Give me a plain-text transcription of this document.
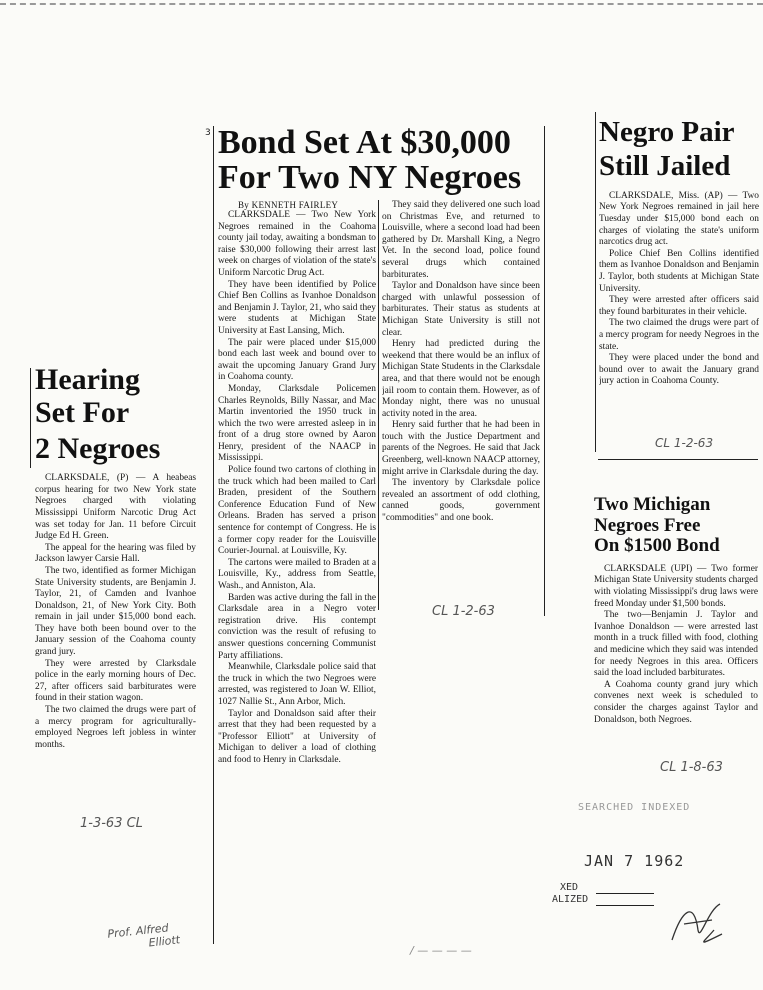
Hearing
Set For
2 Negroes

CLARKSDALE, (P) — A heabeas corpus hearing for two New York state Negroes charged with violating Mississippi Uniform Narcotic Drug Act was set today for Jan. 11 before Circuit Judge Ed H. Green.

The appeal for the hearing was filed by Jackson lawyer Carsie Hall.

The two, identified as former Michigan State University students, are Benjamin J. Taylor, 21, of Camden and Ivanhoe Donaldson, 21, of New York City. Both remain in jail under $15,000 bond each. They have both been bound over to the January session of the Coahoma county grand jury.

They were arrested by Clarksdale police in the early morning hours of Dec. 27, after officers said barbiturates were found in their station wagon.

The two claimed the drugs were part of a mercy program for agriculturally-employed Negroes left jobless in winter months.

1-3-63 CL
3 Bond Set At $30,000
For Two NY Negroes
By KENNETH FAIRLEY

CLARKSDALE — Two New York Negroes remained in the Coahoma county jail today, awaiting a bondsman to raise $30,000 following their arrest last week on charges of violation of the state's Uniform Narcotic Drug Act.

They have been identified by Police Chief Ben Collins as Ivanhoe Donaldson and Benjamin J. Taylor, 21, who said they were students at Michigan State University at East Lansing, Mich.

The pair were placed under $15,000 bond each last week and bound over to await the upcoming January Grand Jury in Coahoma county.

Monday, Clarksdale Policemen Charles Reynolds, Billy Nassar, and Mac Martin inventoried the 1950 truck in which the two were arrested asleep in in front of a drug store owned by Aaron Henry, president of the NAACP in Mississippi.

Police found two cartons of clothing in the truck which had been mailed to Carl Braden, president of the Southern Conference Education Fund of New Orleans. Braden has served a prison sentence for contempt of Congress. He is a former copy reader for the Louisville Courier-Journal. at Louisville, Ky.

The cartons were mailed to Braden at a Louisville, Ky., address from Seattle, Wash., and Anniston, Ala.

Barden was active during the fall in the Clarksdale area in a Negro voter registration drive. His contempt conviction was the result of refusing to answer questions concerning Communist Party affiliations.

Meanwhile, Clarksdale police said that the truck in which the two Negroes were arrested, was registered to Joan W. Elliot, 1027 Nallie St., Ann Arbor, Mich.

Taylor and Donaldson said after their arrest that they had been requested by a "Professor Elliott" at University of Michigan to deliver a load of clothing and food to Henry in Clarksdale.

They said they delivered one such load on Christmas Eve, and returned to Louisville, where a second load had been gathered by Dr. Marshall King, a Negro Vet. In the second load, police found several drugs which contained barbiturates.

Taylor and Donaldson have since been charged with unlawful possession of barbiturates. Their status as students at Michigan State University is still not clear.

Henry had predicted during the weekend that there would be an influx of Michigan State Students in the Clarksdale area, and that there would not be enough jail room to contain them. However, as of Monday night, there was no unusual activity noted in the area.

Henry said further that he had been in touch with the Justice Department and parents of the Negroes. He said that Jack Greenberg, well-known NAACP attorney, might arrive in Clarksdale during the day.

The inventory by Clarksdale police revealed an assortment of odd clothing, canned goods, government "commodities" and one book.

CL 1-2-63
Negro Pair
Still Jailed

CLARKSDALE, Miss. (AP) — Two New York Negroes remained in jail here Tuesday under $15,000 bond each on charges of violating the state's uniform narcotics drug act.

Police Chief Ben Collins identified them as Ivanhoe Donaldson and Benjamin J. Taylor, both students at Michigan State University.

They were arrested after officers said they found barbiturates in their vehicle.

The two claimed the drugs were part of a mercy program for needy Negroes in the state.

They were placed under the bond and bound over to await the January grand jury action in Coahoma County.

CL 1-2-63
Two Michigan
Negroes Free
On $1500 Bond

CLARKSDALE (UPI) — Two former Michigan State University students charged with violating Mississippi's drug laws were freed Monday under $1,500 bonds.

The two—Benjamin J. Taylor and Ivanhoe Donaldson — were arrested last month in a truck filled with food, clothing and medicine which they said was intended for needy Negroes in this area. Officers said the load included barbiturates.

A Coahoma county grand jury which convenes next week is scheduled to consider the charges against Taylor and Donaldson, both Negroes.

CL 1-8-63
SEARCHED INDEXED
JAN 7 1962
XED
ALIZED
Prof. Alfred
Elliott
/ — — — —
